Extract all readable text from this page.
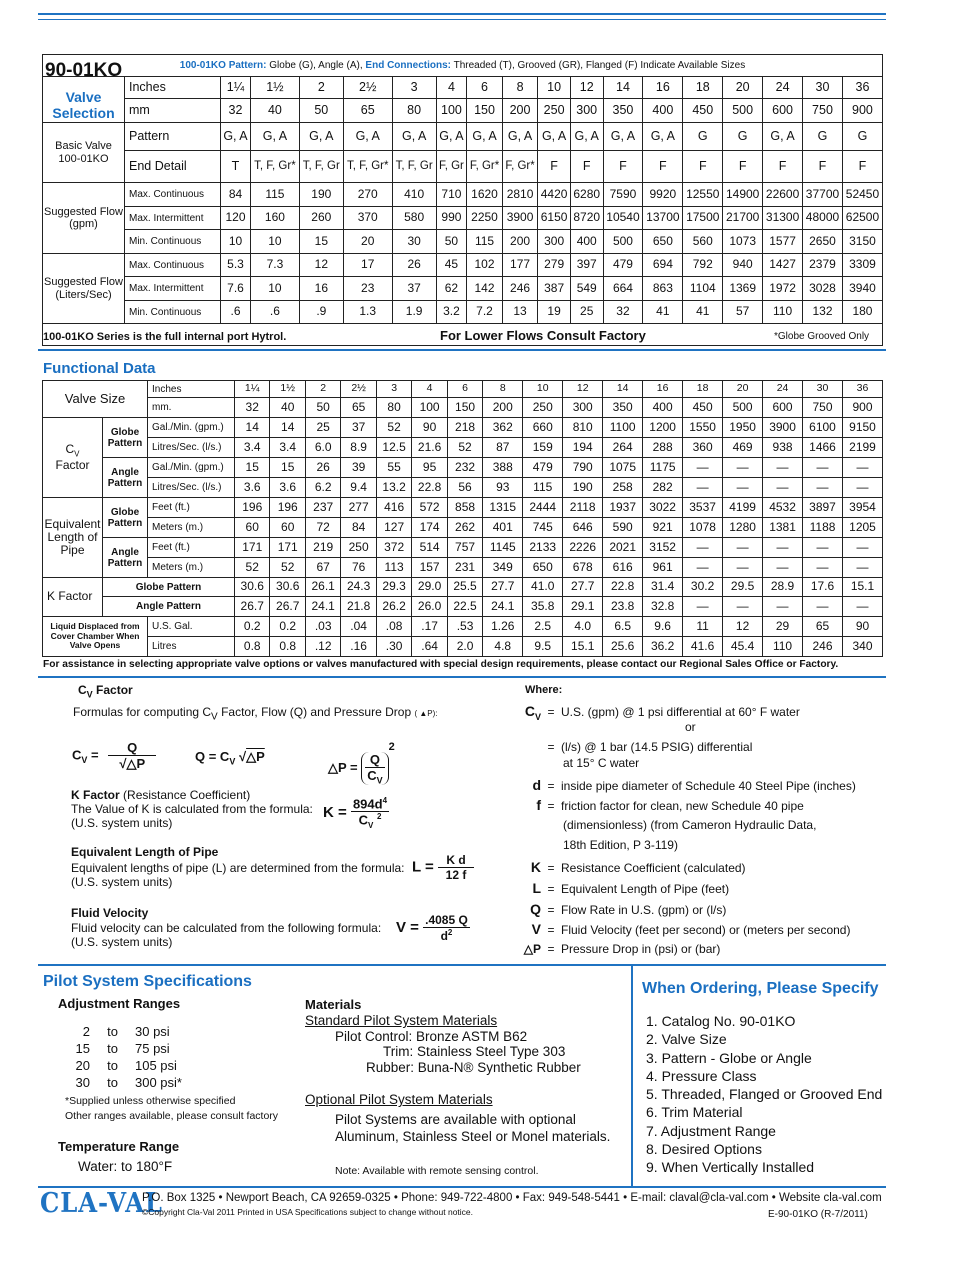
100-01KO Pattern: Globe (G), Angle (A), End Connections: Threaded (T), Grooved (GR), Flanged (F) Indicate Available Sizes																		

Valve Selection	Inches	1¼	1½	2	2½	3	4	6	8	10	12	14	16	18	20	24	30	36
	mm	32	40	50	65	80	100	150	200	250	300	350	400	450	500	600	750	900
Basic Valve 100-01KO	Pattern	G, A	G, A	G, A	G, A	G, A	G, A	G, A	G, A	G, A	G, A	G, A	G, A	G	G	G, A	G	G
	End Detail	T	T, F, Gr*	T, F, Gr	T, F, Gr*	T, F, Gr	F, Gr	F, Gr*	F, Gr*	F	F	F	F	F	F	F	F	F
Suggested Flow (gpm)	Max. Continuous	84	115	190	270	410	710	1620	2810	4420	6280	7590	9920	12550	14900	22600	37700	52450
	Max. Intermittent	120	160	260	370	580	990	2250	3900	6150	8720	10540	13700	17500	21700	31300	48000	62500
	Min. Continuous	10	10	15	20	30	50	115	200	300	400	500	650	560	1073	1577	2650	3150
Suggested Flow (Liters/Sec)	Max. Continuous	5.3	7.3	12	17	26	45	102	177	279	397	479	694	792	940	1427	2379	3309
	Max. Intermittent	7.6	10	16	23	37	62	142	246	387	549	664	863	1104	1369	1972	3028	3940
	Min. Continuous	.6	.6	.9	1.3	1.9	3.2	7.2	13	19	25	32	41	41	57	110	132	180

90-01KO
100-01KO Series is the full internal port Hytrol.	For Lower Flows Consult Factory	*Globe Grooved Only
Functional Data
Valve Size		Inches	1¼	1½	2	2½	3	4	6	8	10	12	14	16	18	20	24	30	36
		mm.	32	40	50	65	80	100	150	200	250	300	350	400	450	500	600	750	900
$C_V$
Factor	Globe Pattern	Gal./Min. (gpm.)	14	14	25	37	52	90	218	362	660	810	1100	1200	1550	1950	3900	6100	9150
		Litres/Sec. (l/s.)	3.4	3.4	6.0	8.9	12.5	21.6	52	87	159	194	264	288	360	469	938	1466	2199
	Angle Pattern	Gal./Min. (gpm.)	15	15	26	39	55	95	232	388	479	790	1075	1175	—	—	—	—	—
		Litres/Sec. (l/s.)	3.6	3.6	6.2	9.4	13.2	22.8	56	93	115	190	258	282	—	—	—	—	—
Equivalent Length of Pipe	Globe Pattern	Feet (ft.)	196	196	237	277	416	572	858	1315	2444	2118	1937	3022	3537	4199	4532	3897	3954
		Meters (m.)	60	60	72	84	127	174	262	401	745	646	590	921	1078	1280	1381	1188	1205
	Angle Pattern	Feet (ft.)	171	171	219	250	372	514	757	1145	2133	2226	2021	3152	—	—	—	—	—
		Meters (m.)	52	52	67	76	113	157	231	349	650	678	616	961	—	—	—	—	—
K Factor	Globe Pattern		30.6	30.6	26.1	24.3	29.3	29.0	25.5	27.7	41.0	27.7	22.8	31.4	30.2	29.5	28.9	17.6	15.1
	Angle Pattern		26.7	26.7	24.1	21.8	26.2	26.0	22.5	24.1	35.8	29.1	23.8	32.8	—	—	—	—	—
Liquid Displaced from Cover Chamber When Valve Opens		U.S. Gal.	0.2	0.2	.03	.04	.08	.17	.53	1.26	2.5	4.0	6.5	9.6	11	12	29	65	90
		Litres	0.8	0.8	.12	.16	.30	.64	2.0	4.8	9.5	15.1	25.6	36.2	41.6	45.4	110	246	340
For assistance in selecting appropriate valve options or valves manufactured with special design requirements, please contact our Regional Sales Office or Factory.
$C_V$ Factor
Formulas for computing $C_V$ Factor, Flow (Q) and Pressure Drop ( ▲P):
$C_V = \frac{Q}{√\triangle P}$	$Q = C_V$ √△P
△P = $\frac{Q}{C_V}$
$^2$
K Factor (Resistance Coefficient)
The Value of K is calculated from the formula:
(U.S. system units)
$K = \frac{894d^4}{C_V ^2}$
Equivalent Length of Pipe
Equivalent lengths of pipe (L) are determined from the formula:
(U.S. system units)
$L = \frac{\text{K d}}{12 f}$
Fluid Velocity
Fluid velocity can be calculated from the following formula:
(U.S. system units)
$V = \frac{.4085 Q}{d^2}$
Where:
$C_V = U.S$. (gpm) @ 1 psi differential at 60° F water
or
= (l/s) @ 1 bar (14.5 PSIG) differential
at 15° C water
d = inside pipe diameter of Schedule 40 Steel Pipe (inches)
f = friction factor for clean, new Schedule 40 pipe
(dimensionless) (from Cameron Hydraulic Data,
18th Edition, P 3-119)
K = Resistance Coefficient (calculated)
L = Equivalent Length of Pipe (feet)
Q = Flow Rate in U.S. (gpm) or (l/s)
V = Fluid Velocity (feet per second) or (meters per second)
△P = Pressure Drop in (psi) or (bar)
Pilot System Specifications
Adjustment Ranges
2 to 30 psi
15 to 75 psi
20 to 105 psi
30 to 300 psi*
*Supplied unless otherwise specified
Other ranges available, please consult factory
Temperature Range
Water: to 180°F
Materials
Standard Pilot System Materials
Pilot Control: Bronze ASTM B62
Trim: Stainless Steel Type 303
Rubber: Buna-N® Synthetic Rubber
Optional Pilot System Materials
Pilot Systems are available with optional
Aluminum, Stainless Steel or Monel materials.
Note: Available with remote sensing control.
When Ordering, Please Specify
1. Catalog No. 90-01KO
2. Valve Size
3. Pattern - Globe or Angle
4. Pressure Class
5. Threaded, Flanged or Grooved End
6. Trim Material
7. Adjustment Range
8. Desired Options
9. When Vertically Installed
CLA-VAL
P.O. Box 1325 • Newport Beach, CA 92659-0325 • Phone: 949-722-4800 • Fax: 949-548-5441 • E-mail: claval@cla-val.com • Website cla-val.com
©Copyright Cla-Val 2011 Printed in USA Specifications subject to change without notice.	E-90-01KO (R-7/2011)
